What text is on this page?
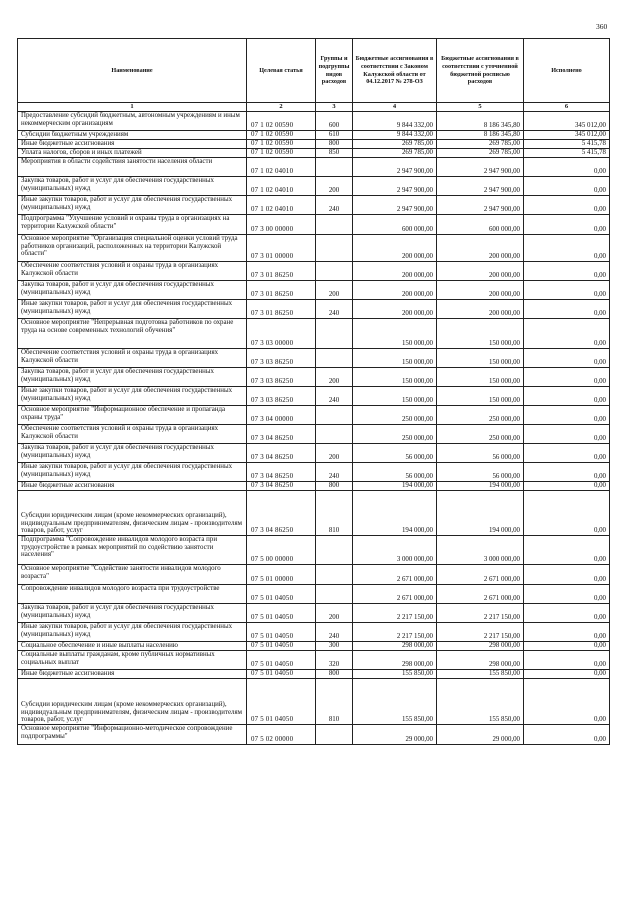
360
Наименование	Целевая статья	Группы и подгруппы видов расходов	Бюджетные ассигнования в соответствии с Законом Калужской области от 04.12.2017 № 278-ОЗ	Бюджетные ассигнования в соответствии с уточненной бюджетной росписью расходов	Исполнено
1	2	3	4	5	6
Предоставление субсидий бюджетным, автономным учреждениям и иным некоммерческим организациям	07 1 02 00590	600	9 844 332,00	8 186 345,80	345 012,00
Субсидии бюджетным учреждениям	07 1 02 00590	610	9 844 332,00	8 186 345,80	345 012,00
Иные бюджетные ассигнования	07 1 02 00590	800	269 785,00	269 785,00	5 415,78
Уплата налогов, сборов и иных платежей	07 1 02 00590	850	269 785,00	269 785,00	5 415,78
Мероприятия в области содействия занятости населения области	07 1 02 04010		2 947 900,00	2 947 900,00	0,00
Закупка товаров, работ и услуг для обеспечения государственных (муниципальных) нужд	07 1 02 04010	200	2 947 900,00	2 947 900,00	0,00
Иные закупки товаров, работ и услуг для обеспечения государственных (муниципальных) нужд	07 1 02 04010	240	2 947 900,00	2 947 900,00	0,00
Подпрограмма "Улучшение условий и охраны труда в организациях на территории Калужской области"	07 3 00 00000		600 000,00	600 000,00	0,00
Основное мероприятие "Организация специальной оценки условий труда работников организаций, расположенных на территории Калужской области"	07 3 01 00000		200 000,00	200 000,00	0,00
Обеспечение соответствия условий и охраны труда в организациях Калужской области	07 3 01 86250		200 000,00	200 000,00	0,00
Закупка товаров, работ и услуг для обеспечения государственных (муниципальных) нужд	07 3 01 86250	200	200 000,00	200 000,00	0,00
Иные закупки товаров, работ и услуг для обеспечения государственных (муниципальных) нужд	07 3 01 86250	240	200 000,00	200 000,00	0,00
Основное мероприятие "Непрерывная подготовка работников по охране труда на основе современных технологий обучения"	07 3 03 00000		150 000,00	150 000,00	0,00
Обеспечение соответствия условий и охраны труда в организациях Калужской области	07 3 03 86250		150 000,00	150 000,00	0,00
Закупка товаров, работ и услуг для обеспечения государственных (муниципальных) нужд	07 3 03 86250	200	150 000,00	150 000,00	0,00
Иные закупки товаров, работ и услуг для обеспечения государственных (муниципальных) нужд	07 3 03 86250	240	150 000,00	150 000,00	0,00
Основное мероприятие "Информационное обеспечение и пропаганда охраны труда"	07 3 04 00000		250 000,00	250 000,00	0,00
Обеспечение соответствия условий и охраны труда в организациях Калужской области	07 3 04 86250		250 000,00	250 000,00	0,00
Закупка товаров, работ и услуг для обеспечения государственных (муниципальных) нужд	07 3 04 86250	200	56 000,00	56 000,00	0,00
Иные закупки товаров, работ и услуг для обеспечения государственных (муниципальных) нужд	07 3 04 86250	240	56 000,00	56 000,00	0,00
Иные бюджетные ассигнования	07 3 04 86250	800	194 000,00	194 000,00	0,00
Субсидии юридическим лицам (кроме некоммерческих организаций), индивидуальным предпринимателям, физическим лицам - производителям товаров, работ, услуг	07 3 04 86250	810	194 000,00	194 000,00	0,00
Подпрограмма "Сопровождение инвалидов молодого возраста при трудоустройстве в рамках мероприятий по содействию занятости населения"	07 5 00 00000		3 000 000,00	3 000 000,00	0,00
Основное мероприятие "Содействие занятости инвалидов молодого возраста"	07 5 01 00000		2 671 000,00	2 671 000,00	0,00
Сопровождение инвалидов молодого возраста при трудоустройстве	07 5 01 04050		2 671 000,00	2 671 000,00	0,00
Закупка товаров, работ и услуг для обеспечения государственных (муниципальных) нужд	07 5 01 04050	200	2 217 150,00	2 217 150,00	0,00
Иные закупки товаров, работ и услуг для обеспечения государственных (муниципальных) нужд	07 5 01 04050	240	2 217 150,00	2 217 150,00	0,00
Социальное обеспечение и иные выплаты населению	07 5 01 04050	300	298 000,00	298 000,00	0,00
Социальные выплаты гражданам, кроме публичных нормативных социальных выплат	07 5 01 04050	320	298 000,00	298 000,00	0,00
Иные бюджетные ассигнования	07 5 01 04050	800	155 850,00	155 850,00	0,00
Субсидии юридическим лицам (кроме некоммерческих организаций), индивидуальным предпринимателям, физическим лицам - производителям товаров, работ, услуг	07 5 01 04050	810	155 850,00	155 850,00	0,00
Основное мероприятие "Информационно-методическое сопровождение подпрограммы"	07 5 02 00000		29 000,00	29 000,00	0,00
